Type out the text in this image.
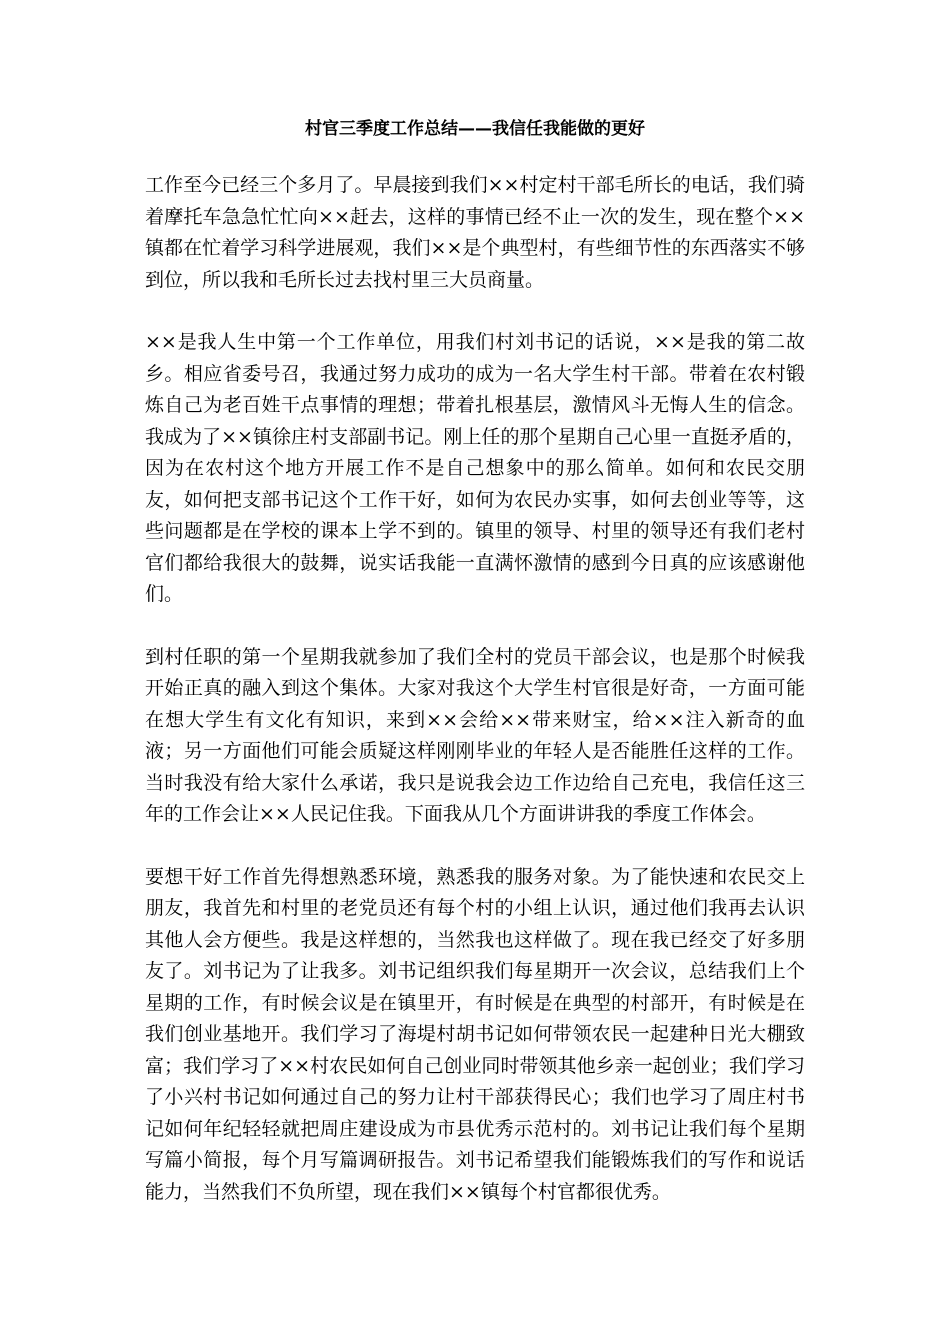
村官三季度工作总结——我信任我能做的更好

工作至今已经三个多月了。早晨接到我们××村定村干部毛所长的电话，我们骑着摩托车急急忙忙向××赶去，这样的事情已经不止一次的发生，现在整个××镇都在忙着学习科学进展观，我们××是个典型村，有些细节性的东西落实不够到位，所以我和毛所长过去找村里三大员商量。

××是我人生中第一个工作单位，用我们村刘书记的话说，××是我的第二故乡。相应省委号召，我通过努力成功的成为一名大学生村干部。带着在农村锻炼自己为老百姓干点事情的理想；带着扎根基层，激情风斗无悔人生的信念。我成为了××镇徐庄村支部副书记。刚上任的那个星期自己心里一直挺矛盾的，因为在农村这个地方开展工作不是自己想象中的那么简单。如何和农民交朋友，如何把支部书记这个工作干好，如何为农民办实事，如何去创业等等，这些问题都是在学校的课本上学不到的。镇里的领导、村里的领导还有我们老村官们都给我很大的鼓舞，说实话我能一直满怀激情的感到今日真的应该感谢他们。

到村任职的第一个星期我就参加了我们全村的党员干部会议，也是那个时候我开始正真的融入到这个集体。大家对我这个大学生村官很是好奇，一方面可能在想大学生有文化有知识，来到××会给××带来财宝，给××注入新奇的血液；另一方面他们可能会质疑这样刚刚毕业的年轻人是否能胜任这样的工作。当时我没有给大家什么承诺，我只是说我会边工作边给自己充电，我信任这三年的工作会让××人民记住我。下面我从几个方面讲讲我的季度工作体会。

要想干好工作首先得想熟悉环境，熟悉我的服务对象。为了能快速和农民交上朋友，我首先和村里的老党员还有每个村的小组上认识，通过他们我再去认识其他人会方便些。我是这样想的，当然我也这样做了。现在我已经交了好多朋友了。刘书记为了让我多。刘书记组织我们每星期开一次会议，总结我们上个星期的工作，有时候会议是在镇里开，有时候是在典型的村部开，有时候是在我们创业基地开。我们学习了海堤村胡书记如何带领农民一起建种日光大棚致富；我们学习了××村农民如何自己创业同时带领其他乡亲一起创业；我们学习了小兴村书记如何通过自己的努力让村干部获得民心；我们也学习了周庄村书记如何年纪轻轻就把周庄建设成为市县优秀示范村的。刘书记让我们每个星期写篇小简报，每个月写篇调研报告。刘书记希望我们能锻炼我们的写作和说话能力，当然我们不负所望，现在我们××镇每个村官都很优秀。
